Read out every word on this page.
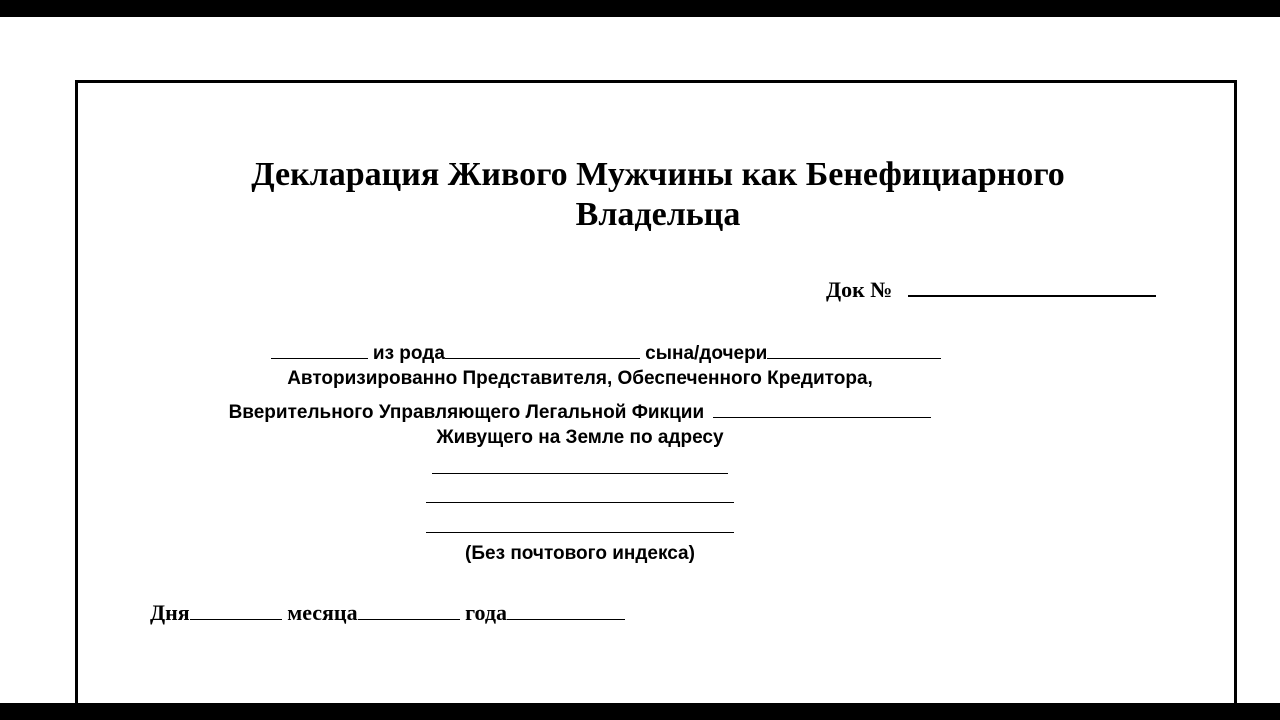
Декларация Живого Мужчины как Бенефициарного
Владельца
Док №
из рода	сына/дочери
Авторизированно Представителя, Обеспеченного Кредитора,
Вверительного Управляющего Легальной Фикции
Живущего на Земле по адресу
(Без почтового индекса)
Дня	месяца	года
